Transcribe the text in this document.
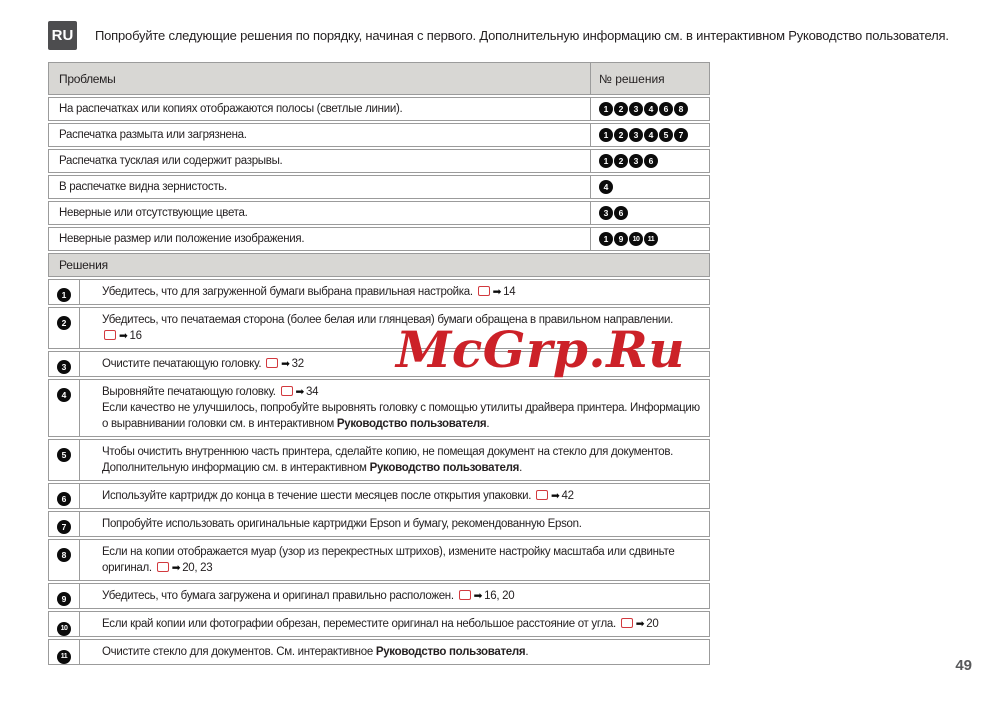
RU Попробуйте следующие решения по порядку, начиная с первого. Дополнительную информацию см. в интерактивном Руководство пользователя.
Проблемы	№ решения
На распечатках или копиях отображаются полосы (светлые линии).	1	2	3	4	6	8
Распечатка размыта или загрязнена.	1	2	3	4	5	7
Распечатка тусклая или содержит разрывы.	1	2	3	6
В распечатке видна зернистость.	4
Неверные или отсутствующие цвета.	3	6
Неверные размер или положение изображения.	1	9	10	11
Решения
1	Убедитесь, что для загруженной бумаги выбрана правильная настройка. ➡ 14
2	Убедитесь, что печатаемая сторона (более белая или глянцевая) бумаги обращена в правильном направлении. ➡ 16
3	Очистите печатающую головку. ➡ 32
4	Выровняйте печатающую головку. ➡ 34
Если качество не улучшилось, попробуйте выровнять головку с помощью утилиты драйвера принтера. Информацию о выравнивании головки см. в интерактивном Руководство пользователя.
5	Чтобы очистить внутреннюю часть принтера, сделайте копию, не помещая документ на стекло для документов. Дополнительную информацию см. в интерактивном Руководство пользователя.
6	Используйте картридж до конца в течение шести месяцев после открытия упаковки. ➡ 42
7	Попробуйте использовать оригинальные картриджи Epson и бумагу, рекомендованную Epson.
8	Если на копии отображается муар (узор из перекрестных штрихов), измените настройку масштаба или сдвиньте оригинал. ➡ 20, 23
9	Убедитесь, что бумага загружена и оригинал правильно расположен. ➡ 16, 20
10	Если край копии или фотографии обрезан, переместите оригинал на небольшое расстояние от угла. ➡ 20
11	Очистите стекло для документов. См. интерактивное Руководство пользователя.
McGrp.Ru
49
